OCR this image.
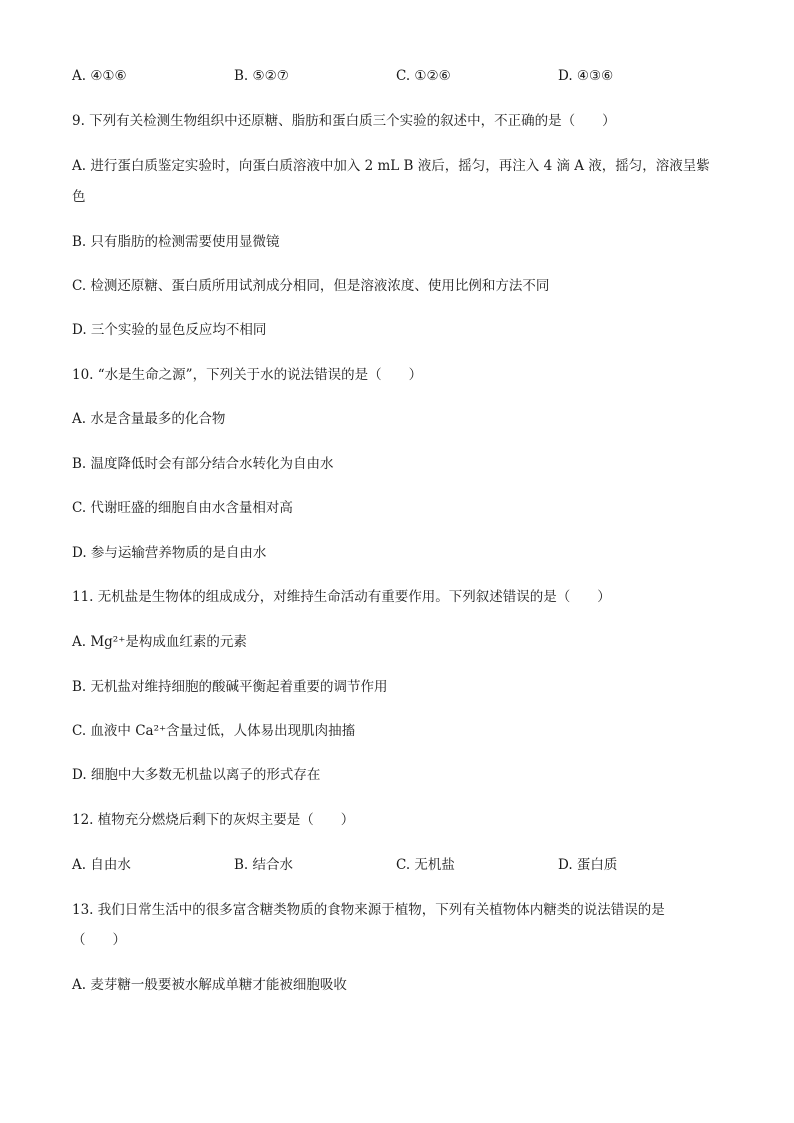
A. ④①⑥	B. ⑤②⑦	C. ①②⑥	D. ④③⑥
9. 下列有关检测生物组织中还原糖、脂肪和蛋白质三个实验的叙述中，不正确的是（　　）
A. 进行蛋白质鉴定实验时，向蛋白质溶液中加入 2 mL B 液后，摇匀，再注入 4 滴 A 液，摇匀，溶液呈紫
色
B. 只有脂肪的检测需要使用显微镜
C. 检测还原糖、蛋白质所用试剂成分相同，但是溶液浓度、使用比例和方法不同
D. 三个实验的显色反应均不相同
10. “水是生命之源”，下列关于水的说法错误的是（　　）
A. 水是含量最多的化合物
B. 温度降低时会有部分结合水转化为自由水
C. 代谢旺盛的细胞自由水含量相对高
D. 参与运输营养物质的是自由水
11. 无机盐是生物体的组成成分，对维持生命活动有重要作用。下列叙述错误的是（　　）
A. Mg²⁺是构成血红素的元素
B. 无机盐对维持细胞的酸碱平衡起着重要的调节作用
C. 血液中 Ca²⁺含量过低，人体易出现肌肉抽搐
D. 细胞中大多数无机盐以离子的形式存在
12. 植物充分燃烧后剩下的灰烬主要是（　　）
A. 自由水	B. 结合水	C. 无机盐	D. 蛋白质
13. 我们日常生活中的很多富含糖类物质的食物来源于植物，下列有关植物体内糖类的说法错误的是
（　　）
A. 麦芽糖一般要被水解成单糖才能被细胞吸收
